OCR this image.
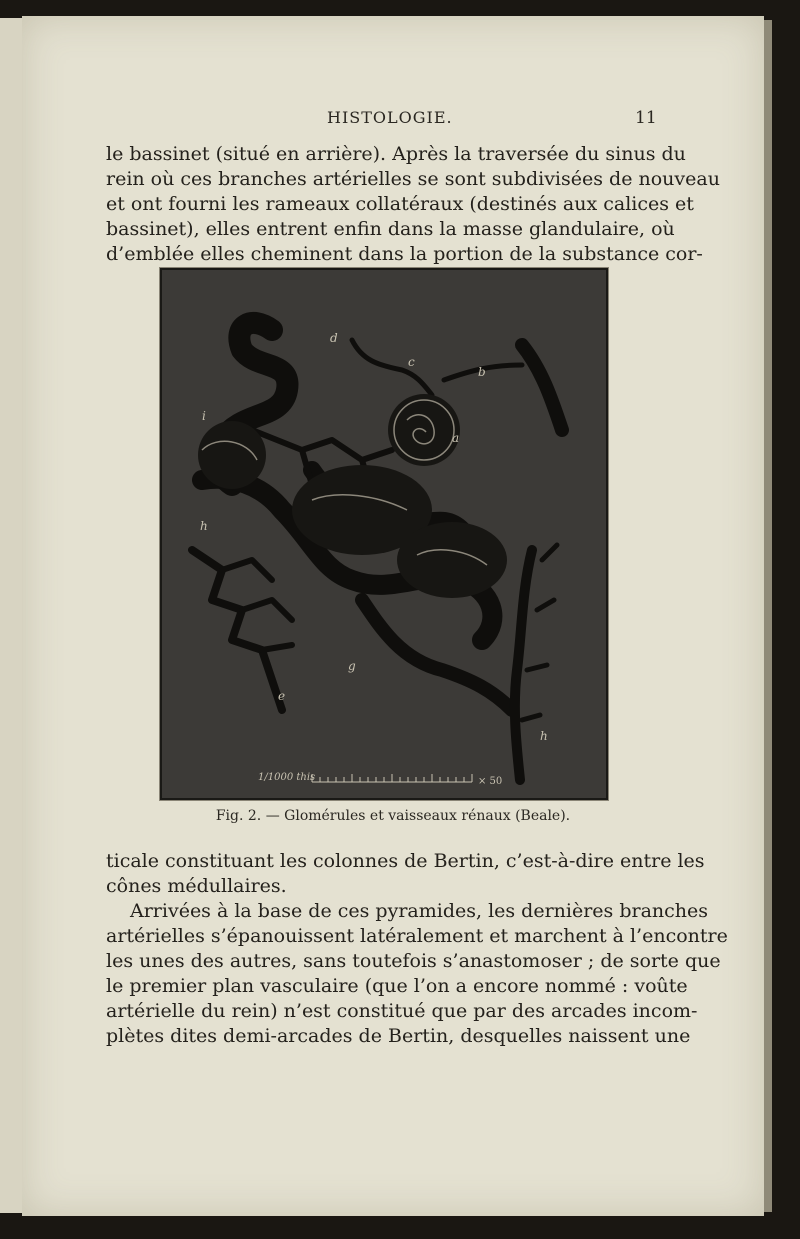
HISTOLOGIE.	11
le bassinet (situé en arrière). Après la traversée du sinus du
rein où ces branches artérielles se sont subdivisées de nouveau
et ont fourni les rameaux collatéraux (destinés aux calices et
bassinet), elles entrent enfin dans la masse glandulaire, où
d’emblée elles cheminent dans la portion de la substance cor-
d
c
b
a
i
h
g
e
h
1/1000 this	× 50
Fig. 2. — Glomérules et vaisseaux rénaux (Beale).
ticale constituant les colonnes de Bertin, c’est-à-dire entre les
cônes médullaires.
Arrivées à la base de ces pyramides, les dernières branches
artérielles s’épanouissent latéralement et marchent à l’encontre
les unes des autres, sans toutefois s’anastomoser ; de sorte que
le premier plan vasculaire (que l’on a encore nommé : voûte
artérielle du rein) n’est constitué que par des arcades incom-
plètes dites demi-arcades de Bertin, desquelles naissent une
